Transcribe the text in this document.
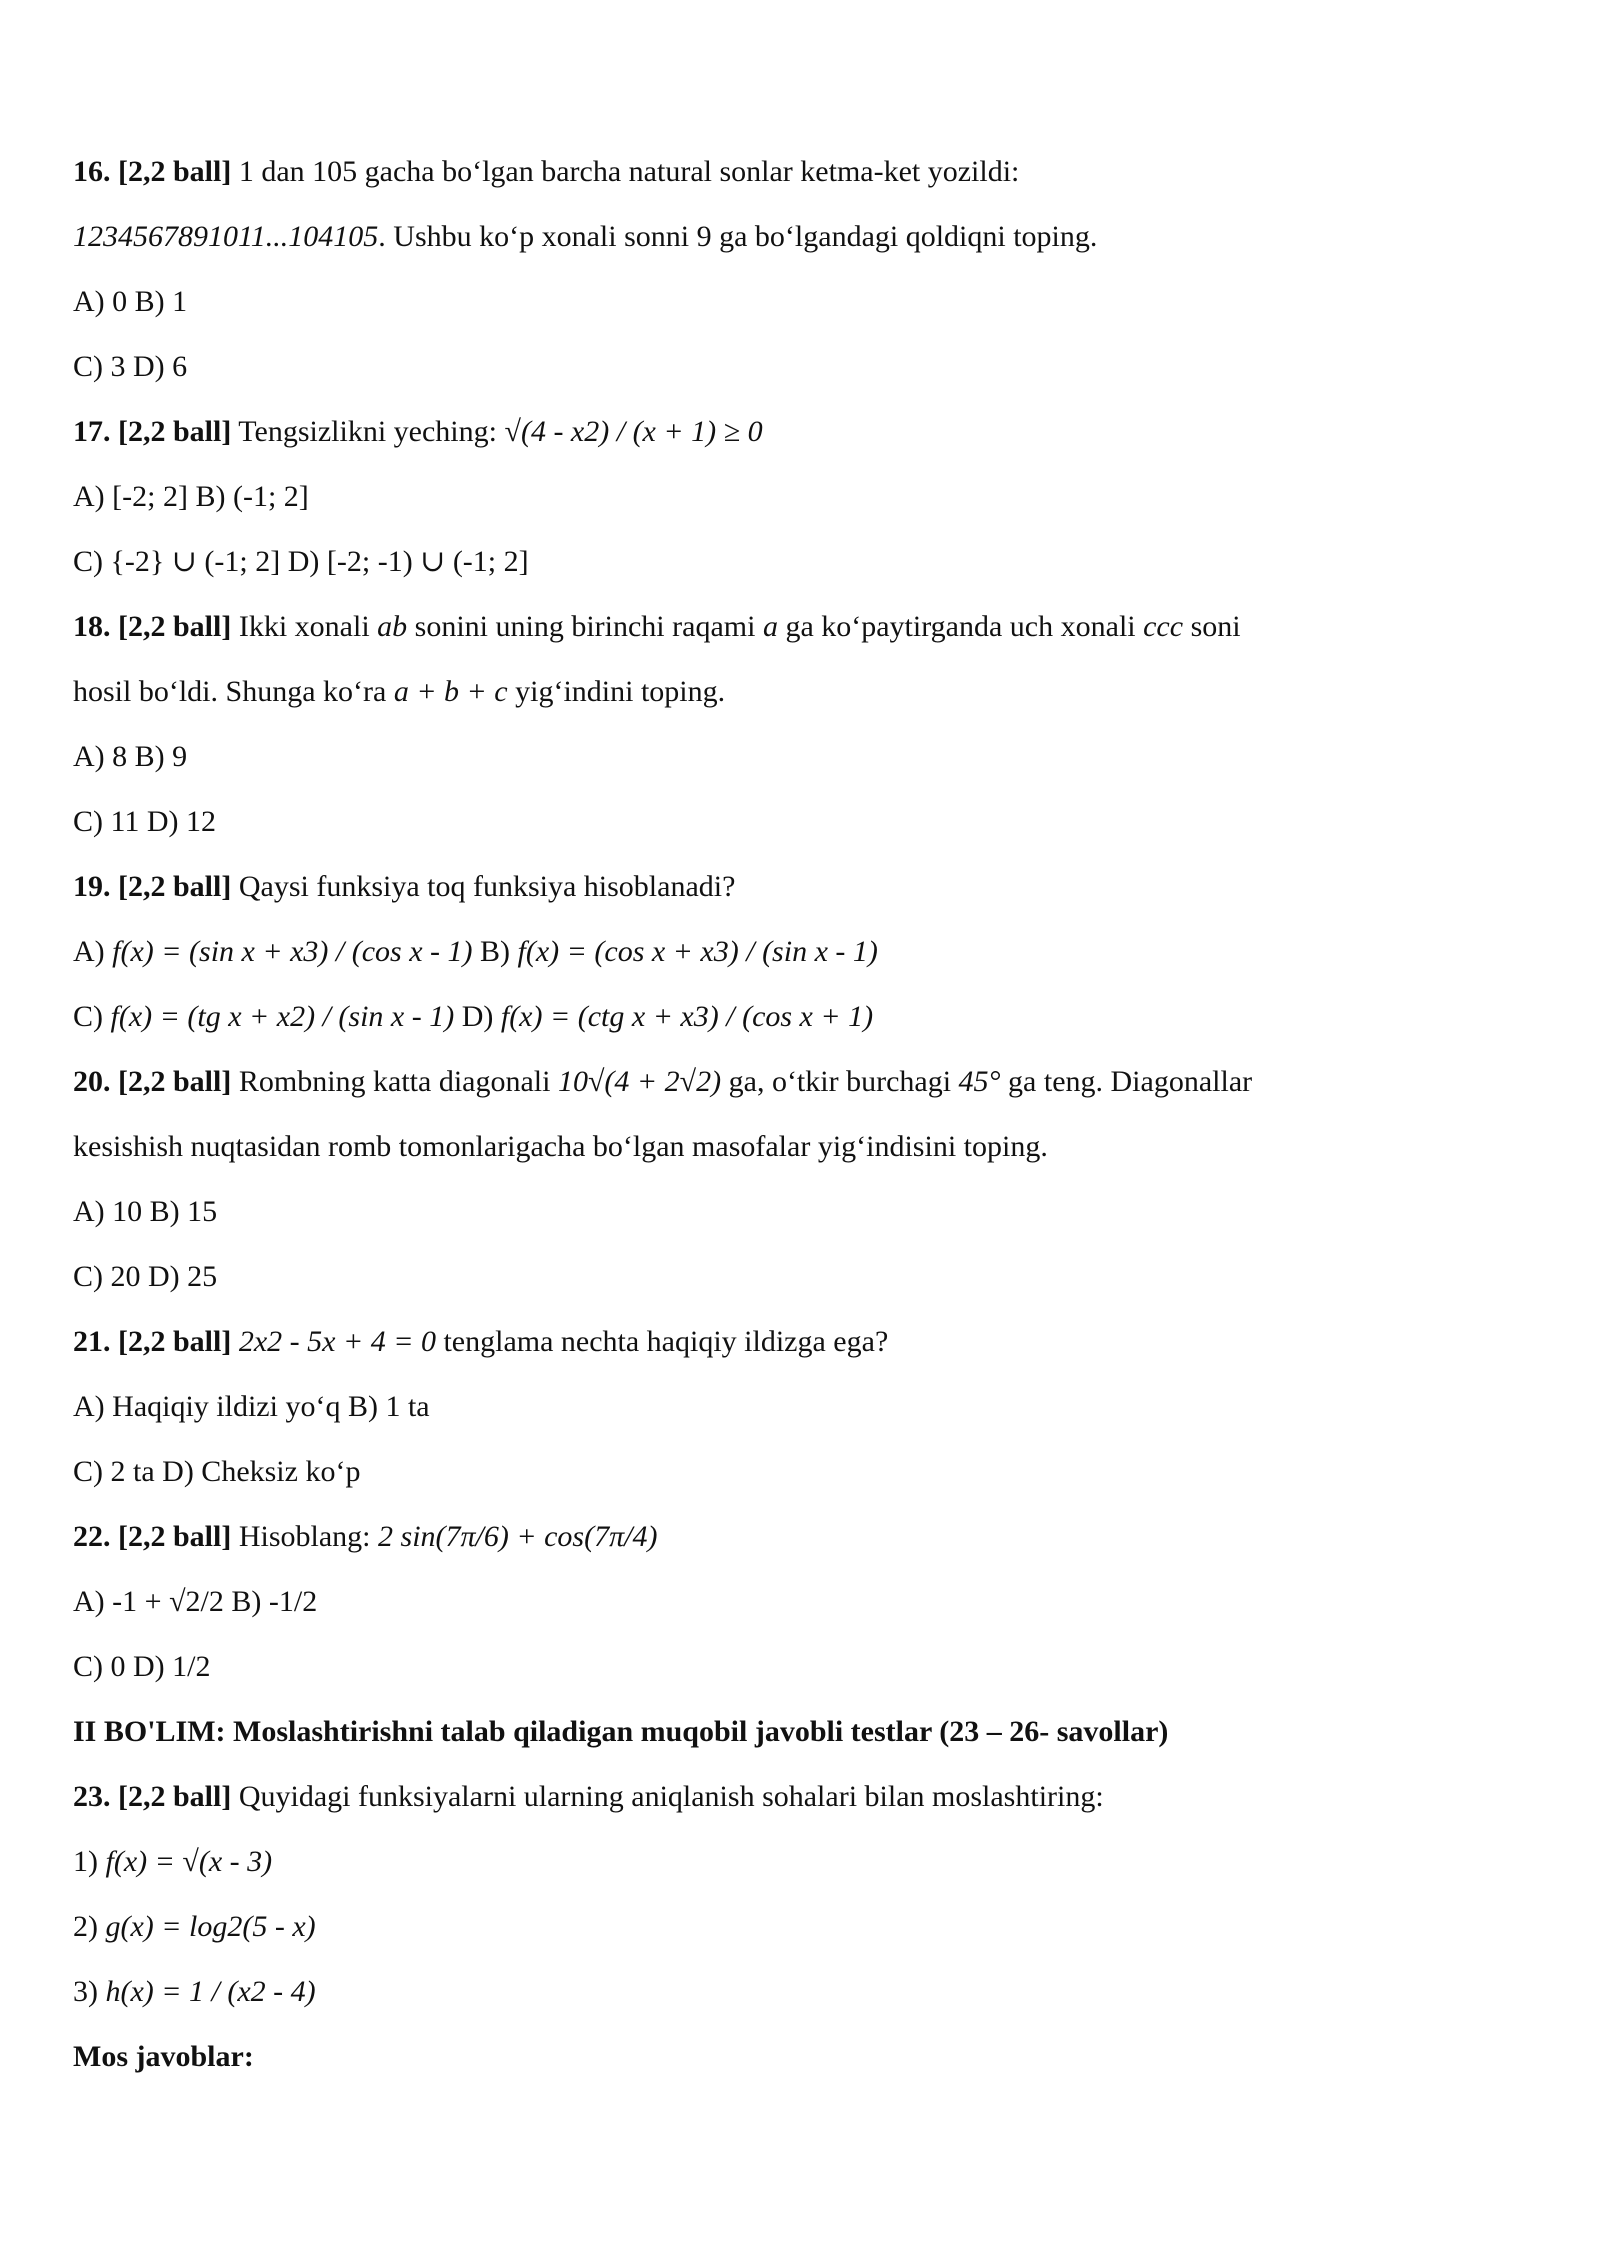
16. [2,2 ball] 1 dan 105 gacha bo‘lgan barcha natural sonlar ketma-ket yozildi:
1234567891011...104105. Ushbu ko‘p xonali sonni 9 ga bo‘lgandagi qoldiqni toping.
A) 0 B) 1
C) 3 D) 6
17. [2,2 ball] Tengsizlikni yeching: √(4 - x2) / (x + 1) ≥ 0
A) [-2; 2] B) (-1; 2]
C) {-2} ∪ (-1; 2] D) [-2; -1) ∪ (-1; 2]
18. [2,2 ball] Ikki xonali ab sonini uning birinchi raqami a ga ko‘paytirganda uch xonali ccc soni
hosil bo‘ldi. Shunga ko‘ra a + b + c yig‘indini toping.
A) 8 B) 9
C) 11 D) 12
19. [2,2 ball] Qaysi funksiya toq funksiya hisoblanadi?
A) f(x) = (sin x + x3) / (cos x - 1) B) f(x) = (cos x + x3) / (sin x - 1)
C) f(x) = (tg x + x2) / (sin x - 1) D) f(x) = (ctg x + x3) / (cos x + 1)
20. [2,2 ball] Rombning katta diagonali 10√(4 + 2√2) ga, o‘tkir burchagi 45° ga teng. Diagonallar
kesishish nuqtasidan romb tomonlarigacha bo‘lgan masofalar yig‘indisini toping.
A) 10 B) 15
C) 20 D) 25
21. [2,2 ball] 2x2 - 5x + 4 = 0 tenglama nechta haqiqiy ildizga ega?
A) Haqiqiy ildizi yo‘q B) 1 ta
C) 2 ta D) Cheksiz ko‘p
22. [2,2 ball] Hisoblang: 2 sin(7π/6) + cos(7π/4)
A) -1 + √2/2 B) -1/2
C) 0 D) 1/2
II BO'LIM: Moslashtirishni talab qiladigan muqobil javobli testlar (23 – 26- savollar)
23. [2,2 ball] Quyidagi funksiyalarni ularning aniqlanish sohalari bilan moslashtiring:
1) f(x) = √(x - 3)
2) g(x) = log2(5 - x)
3) h(x) = 1 / (x2 - 4)
Mos javoblar:
